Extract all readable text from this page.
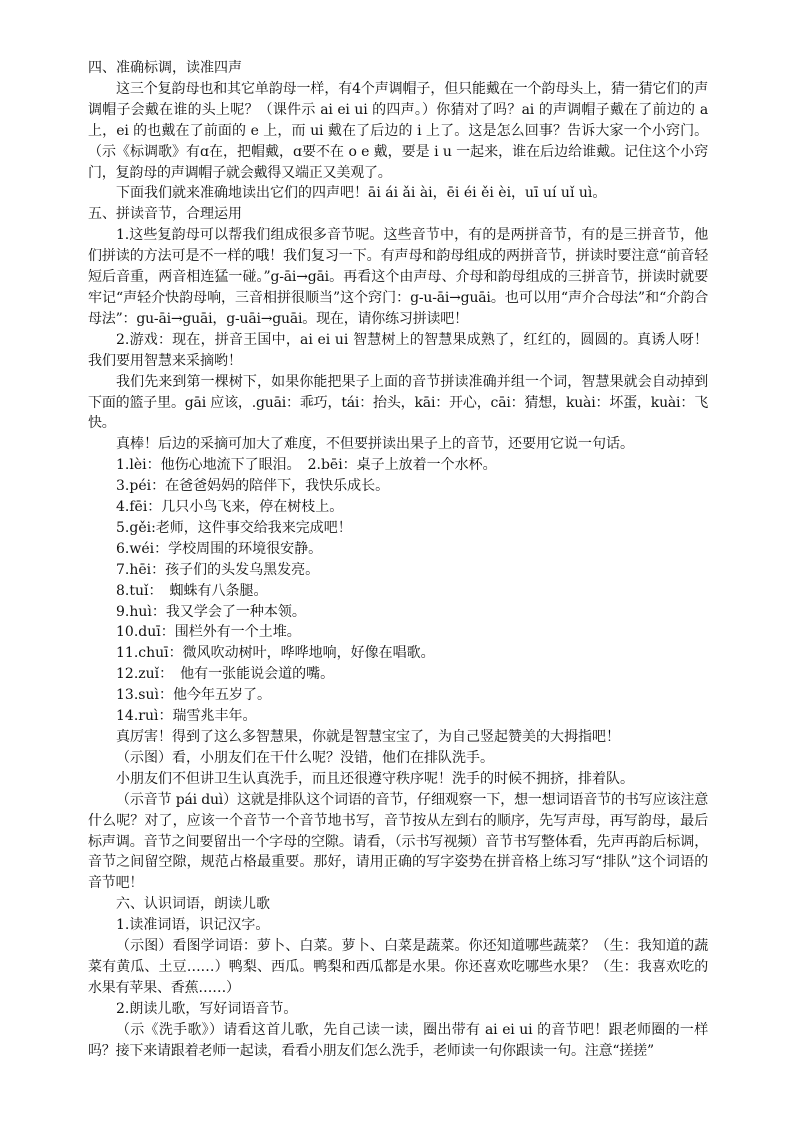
四、准确标调，读准四声

这三个复韵母也和其它单韵母一样，有4个声调帽子，但只能戴在一个韵母头上，猜一猜它们的声调帽子会戴在谁的头上呢？（课件示 ai ei ui 的四声。）你猜对了吗？ai 的声调帽子戴在了前边的 a 上，ei 的也戴在了前面的 e 上，而 ui 戴在了后边的 i 上了。这是怎么回事？告诉大家一个小窍门。（示《标调歌》有ɑ在，把帽戴，ɑ要不在 o e 戴，要是 i u 一起来，谁在后边给谁戴。记住这个小窍门，复韵母的声调帽子就会戴得又端正又美观了。

下面我们就来准确地读出它们的四声吧！āi ái ǎi ài，ēi éi ěi èi，uī uí uǐ uì。

五、拼读音节，合理运用

1.这些复韵母可以帮我们组成很多音节呢。这些音节中，有的是两拼音节，有的是三拼音节，他们拼读的方法可是不一样的哦！我们复习一下。有声母和韵母组成的两拼音节，拼读时要注意“前音轻短后音重，两音相连猛一碰。”g-āi→gāi。再看这个由声母、介母和韵母组成的三拼音节，拼读时就要牢记“声轻介快韵母响，三音相拼很顺当”这个窍门：g-u-āi→guāi。也可以用“声介合母法”和“介韵合母法”：gu-āi→guāi，g-uāi→guāi。现在，请你练习拼读吧！

2.游戏：现在，拼音王国中，ai ei ui 智慧树上的智慧果成熟了，红红的，圆圆的。真诱人呀！我们要用智慧来采摘哟！

我们先来到第一棵树下，如果你能把果子上面的音节拼读准确并组一个词，智慧果就会自动掉到下面的篮子里。gāi 应该，.guāi：乖巧，tái：抬头，kāi：开心，cāi：猜想，kuài：坏蛋，kuài：飞快。

真棒！后边的采摘可加大了难度，不但要拼读出果子上的音节，还要用它说一句话。

1.lèi：他伤心地流下了眼泪。　2.bēi：桌子上放着一个水杯。

3.péi：在爸爸妈妈的陪伴下，我快乐成长。

4.fēi：几只小鸟飞来，停在树枝上。

5.gěi:老师，这件事交给我来完成吧！

6.wéi：学校周围的环境很安静。

7.hēi：孩子们的头发乌黑发亮。

8.tuǐ：　蜘蛛有八条腿。

9.huì：我又学会了一种本领。

10.duī：围栏外有一个土堆。

11.chuī：微风吹动树叶，哗哗地响，好像在唱歌。

12.zuǐ：　他有一张能说会道的嘴。

13.suì：他今年五岁了。

14.ruì：瑞雪兆丰年。

真厉害！得到了这么多智慧果，你就是智慧宝宝了，为自己竖起赞美的大拇指吧！

（示图）看，小朋友们在干什么呢？没错，他们在排队洗手。

小朋友们不但讲卫生认真洗手，而且还很遵守秩序呢！洗手的时候不拥挤，排着队。

（示音节 pái duì）这就是排队这个词语的音节，仔细观察一下，想一想词语音节的书写应该注意什么呢？对了，应该一个音节一个音节地书写，音节按从左到右的顺序，先写声母，再写韵母，最后标声调。音节之间要留出一个字母的空隙。请看，（示书写视频）音节书写整体看，先声再韵后标调，音节之间留空隙，规范占格最重要。那好，请用正确的写字姿势在拼音格上练习写“排队”这个词语的音节吧！

六、认识词语，朗读儿歌

1.读准词语，识记汉字。

（示图）看图学词语：萝卜、白菜。萝卜、白菜是蔬菜。你还知道哪些蔬菜？（生：我知道的蔬菜有黄瓜、土豆……）鸭梨、西瓜。鸭梨和西瓜都是水果。你还喜欢吃哪些水果？（生：我喜欢吃的水果有苹果、香蕉……）

2.朗读儿歌，写好词语音节。

（示《洗手歌》）请看这首儿歌，先自己读一读，圈出带有 ai ei ui 的音节吧！跟老师圈的一样吗？接下来请跟着老师一起读，看看小朋友们怎么洗手，老师读一句你跟读一句。注意“搓搓”
